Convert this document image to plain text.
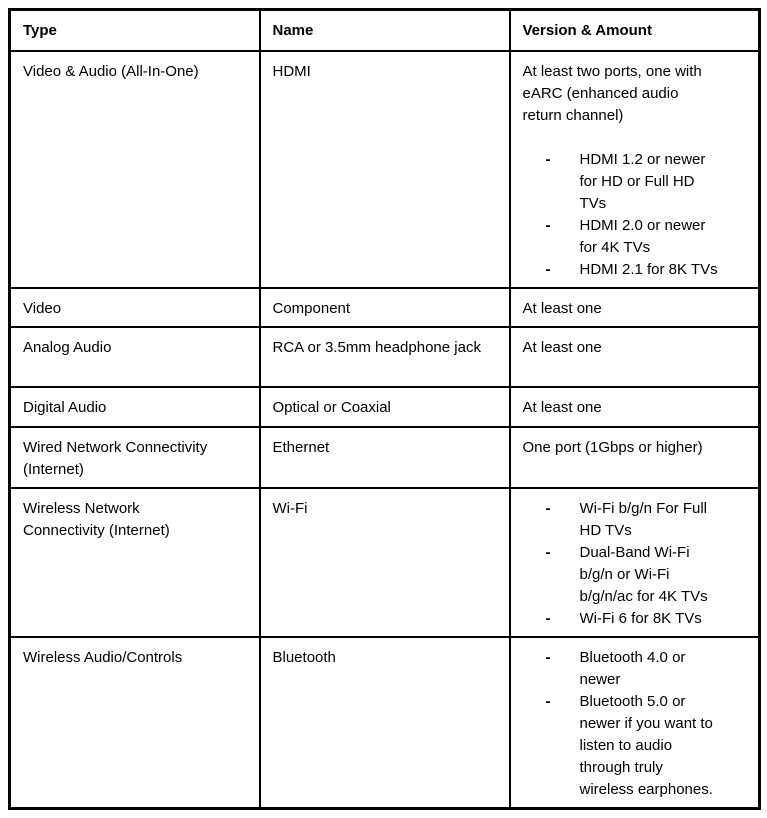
Type	Name	Version & Amount
Video & Audio (All-In-One)	HDMI	At least two ports, one with eARC (enhanced audio return channel)
-	HDMI 1.2 or newer for HD or Full HD TVs
-	HDMI 2.0 or newer for 4K TVs
-	HDMI 2.1 for 8K TVs

Video	Component	At least one
Analog Audio	RCA or 3.5mm headphone jack	At least one
Digital Audio	Optical or Coaxial	At least one
Wired Network Connectivity (Internet)	Ethernet	One port (1Gbps or higher)
Wireless Network Connectivity (Internet)	Wi-Fi	-	Wi-Fi b/g/n For Full HD TVs
-	Dual-Band Wi-Fi b/g/n or Wi-Fi b/g/n/ac for 4K TVs
-	Wi-Fi 6 for 8K TVs

Wireless Audio/Controls	Bluetooth	-	Bluetooth 4.0 or newer
-	Bluetooth 5.0 or newer if you want to listen to audio through truly wireless earphones.
